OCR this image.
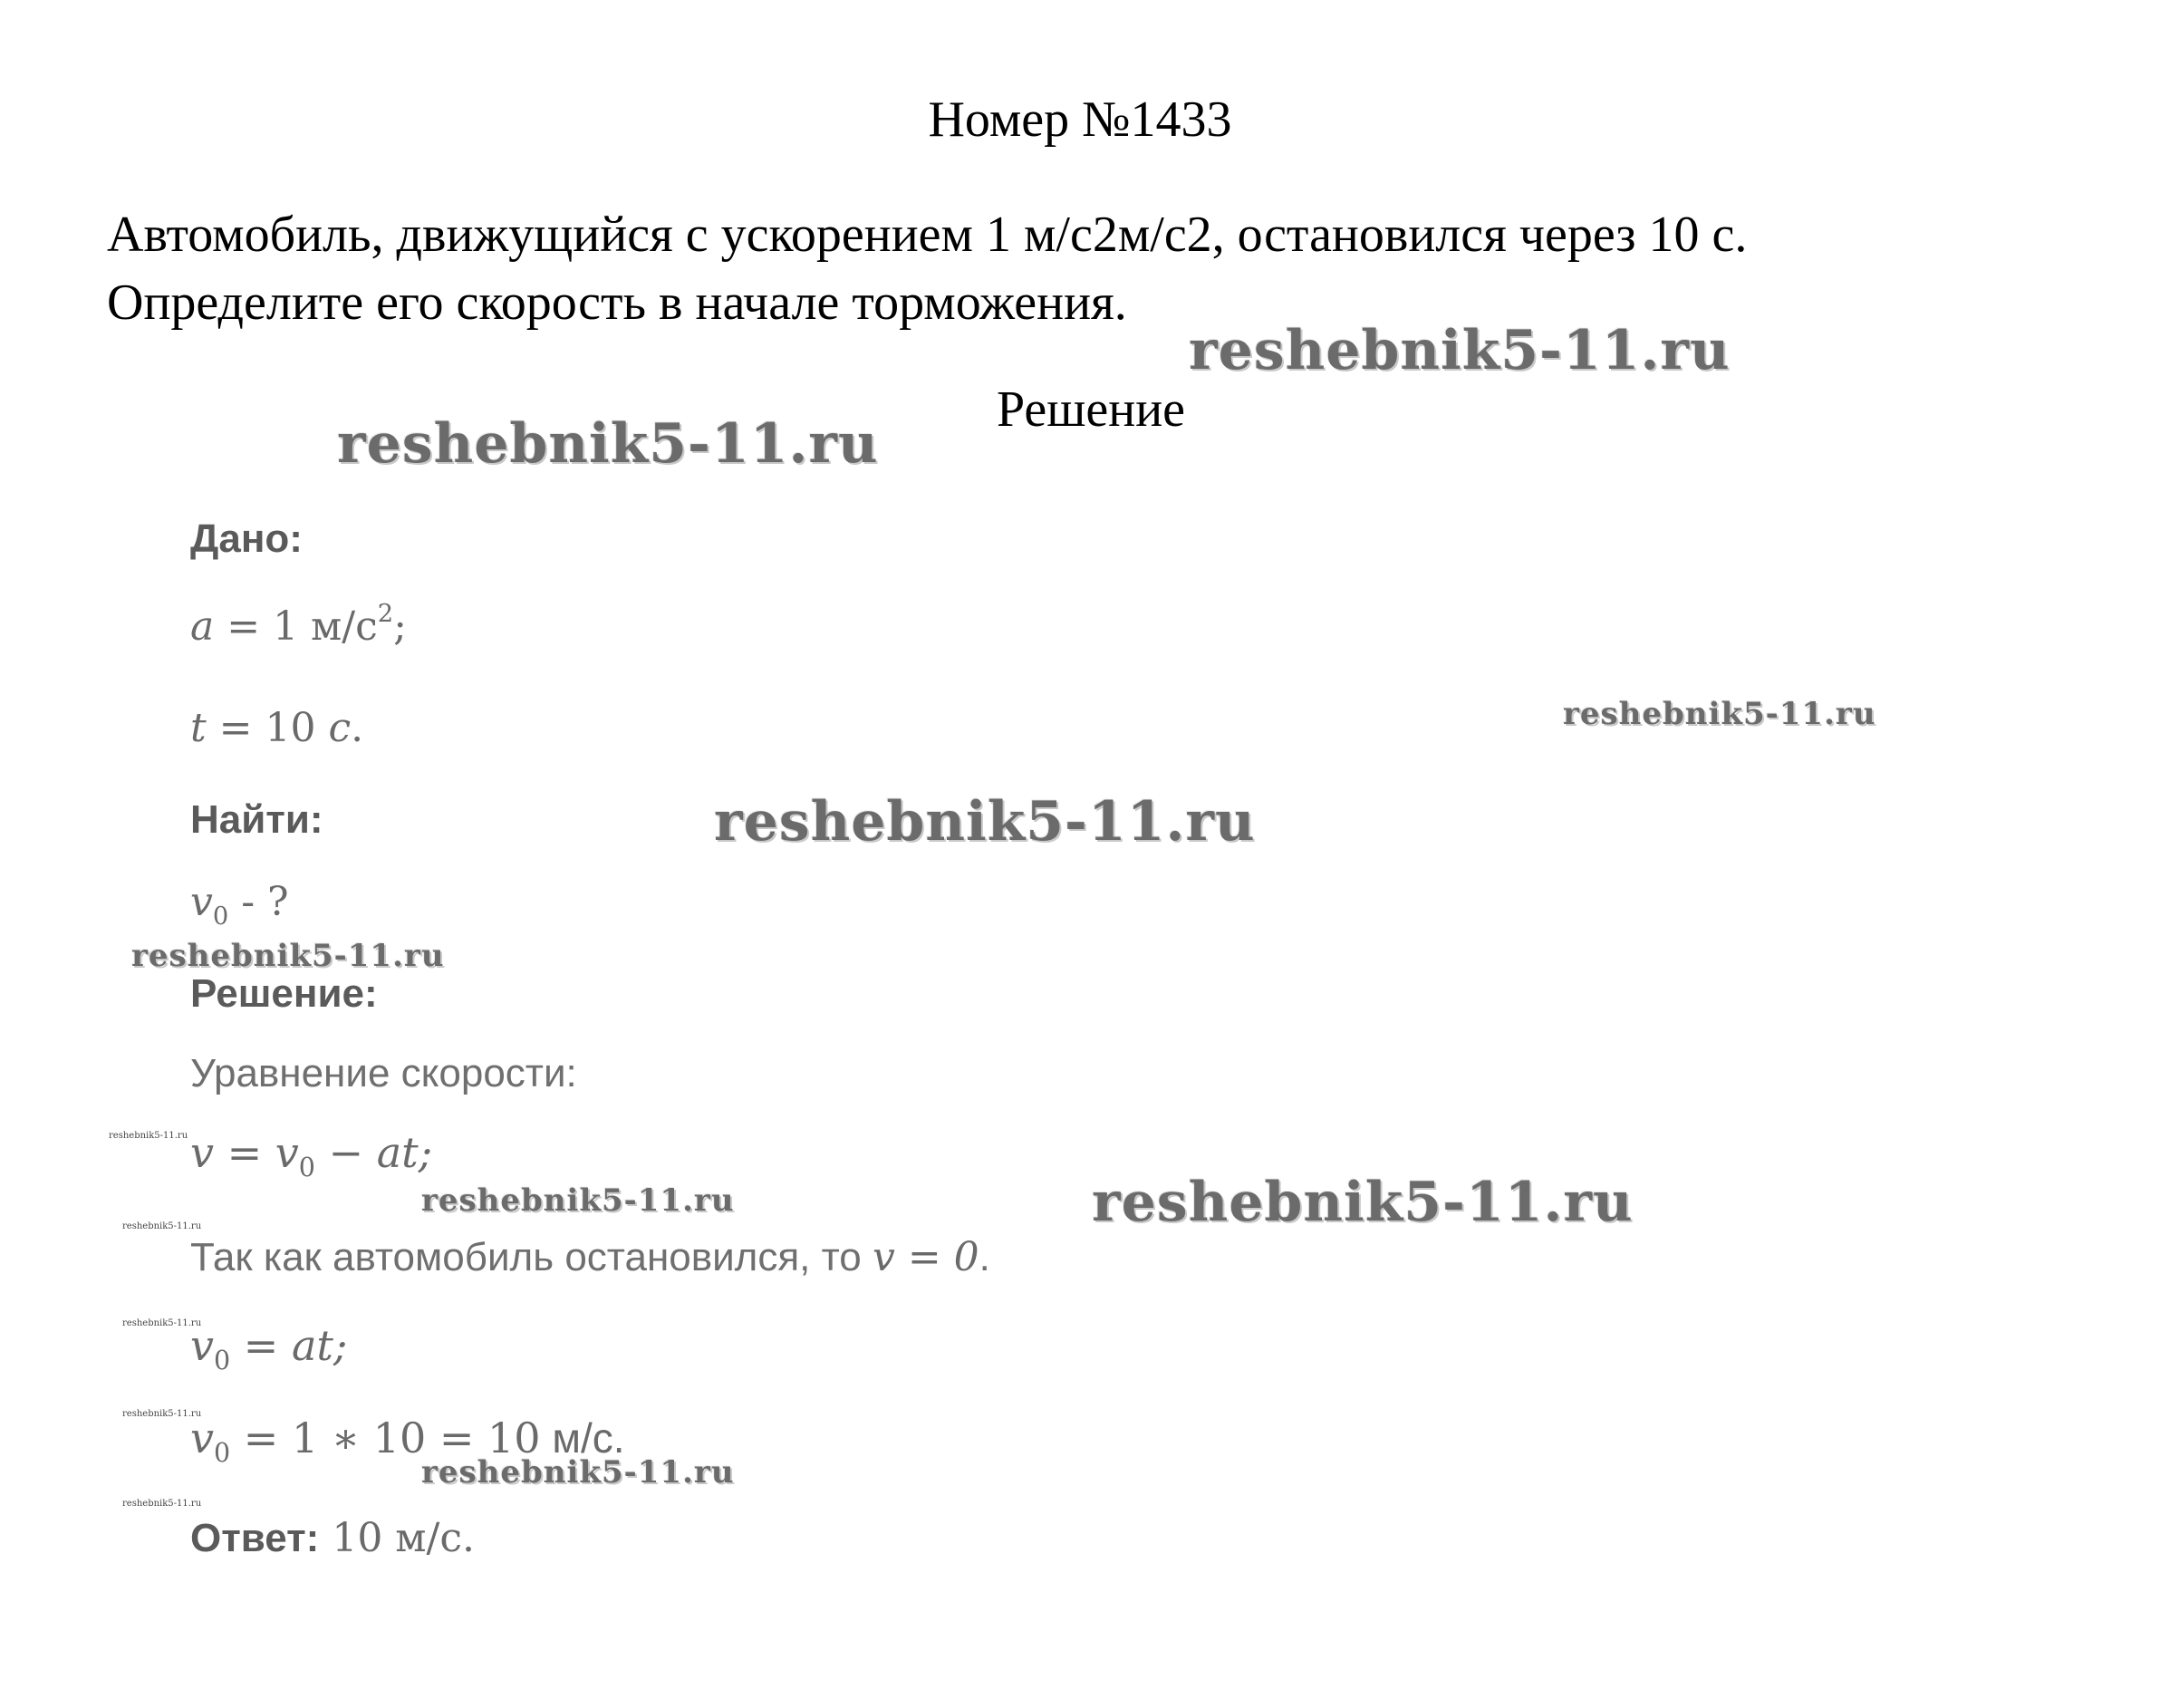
Номер №1433
Автомобиль, движущийся с ускорением 1 м/с2м/с2, остановился через 10 с.
Определите его скорость в начале торможения.
Решение
Дано:
a = 1 $м/с^2$;
t = 10 c.
Найти:
$v_0$ - ?
Решение:
Уравнение скорости:
$v = v_0$ − at;
Так как автомобиль остановился, то v = 0.
$v_0$ = at;
$v_0 = 1$ ∗ 10 = 10 м/с.
Ответ: 10 м/с.
reshebnik5-11.ru
reshebnik5-11.ru
reshebnik5-11.ru
reshebnik5-11.ru
reshebnik5-11.ru
reshebnik5-11.ru
reshebnik5-11.ru	reshebnik5-11.ru
reshebnik5-11.ru
reshebnik5-11.ru
reshebnik5-11.ru
reshebnik5-11.ru
reshebnik5-11.ru
